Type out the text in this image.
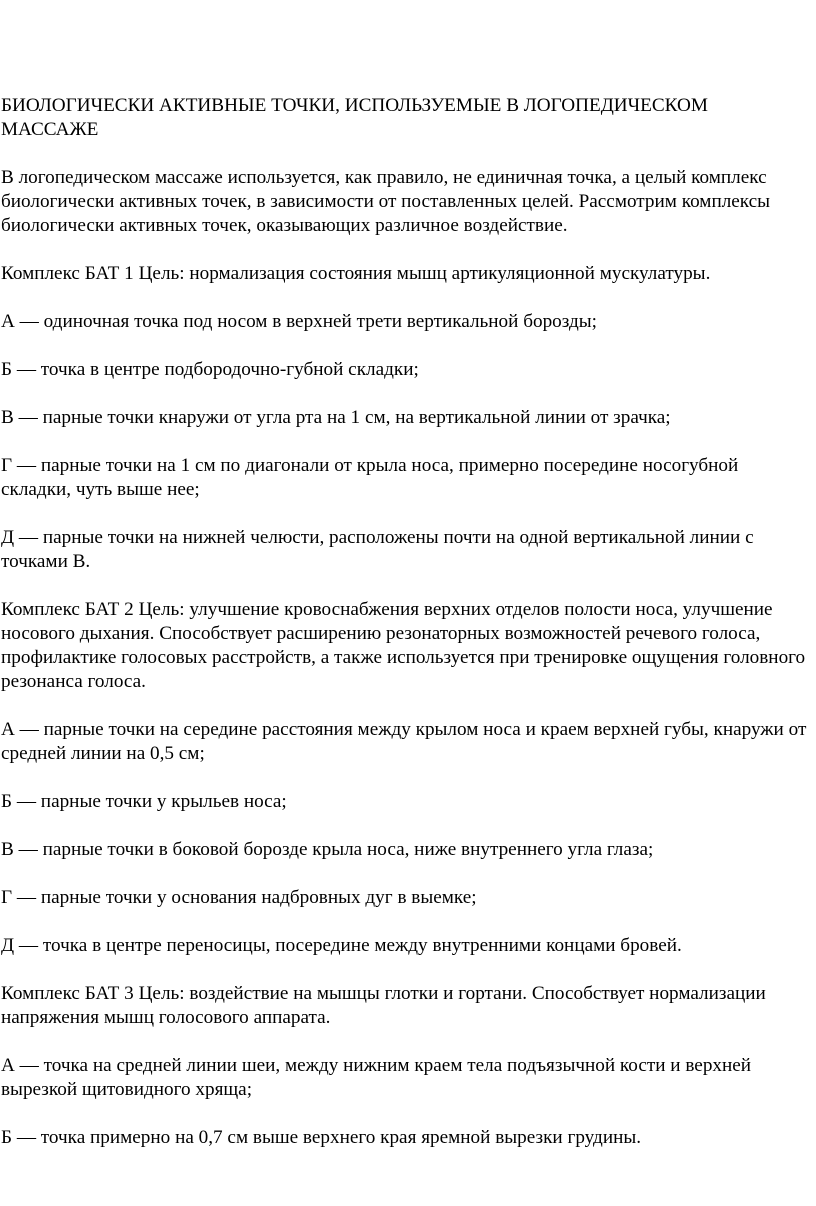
БИОЛОГИЧЕСКИ АКТИВНЫЕ ТОЧКИ, ИСПОЛЬЗУЕМЫЕ В ЛОГОПЕДИЧЕСКОМ МАССАЖЕ

В логопедическом массаже используется, как правило, не единичная точка, а целый комплекс биологически активных точек, в зависимости от поставленных целей. Рассмотрим комплексы биологически активных точек, оказывающих различное воздействие.

Комплекс БАТ 1 Цель: нормализация состояния мышц артикуляционной мускулатуры.

А — одиночная точка под носом в верхней трети вертикальной борозды;

Б — точка в центре подбородочно-губной складки;

В — парные точки кнаружи от угла рта на 1 см, на вертикальной линии от зрачка;

Г — парные точки на 1 см по диагонали от крыла носа, примерно посередине носогубной складки, чуть выше нее;

Д — парные точки на нижней челюсти, расположены почти на одной вертикальной линии с точками В.

Комплекс БАТ 2 Цель: улучшение кровоснабжения верхних отделов полости носа, улучшение носового дыхания. Способствует расширению резонаторных возможностей речевого голоса, профилактике голосовых расстройств, а также используется при тренировке ощущения головного резонанса голоса.

А — парные точки на середине расстояния между крылом носа и краем верхней губы, кнаружи от средней линии на 0,5 см;

Б — парные точки у крыльев носа;

В — парные точки в боковой борозде крыла носа, ниже внутреннего угла глаза;

Г — парные точки у основания надбровных дуг в выемке;

Д — точка в центре переносицы, посередине между внутренними концами бровей.

Комплекс БАТ 3 Цель: воздействие на мышцы глотки и гортани. Способствует нормализации напряжения мышц голосового аппарата.

А — точка на средней линии шеи, между нижним краем тела подъязычной кости и верхней вырезкой щитовидного хряща;

Б — точка примерно на 0,7 см выше верхнего края яремной вырезки грудины.
